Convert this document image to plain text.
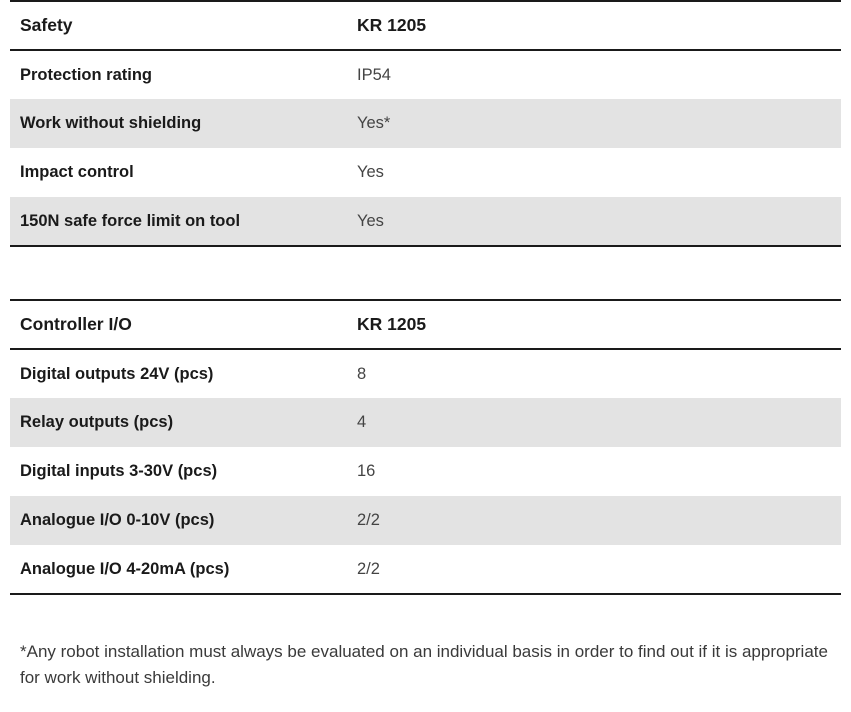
Safety	KR 1205
Protection rating	IP54
Work without shielding	Yes*
Impact control	Yes
150N safe force limit on tool	Yes
Controller I/O	KR 1205
Digital outputs 24V (pcs)	8
Relay outputs (pcs)	4
Digital inputs 3-30V (pcs)	16
Analogue I/O 0-10V (pcs)	2/2
Analogue I/O 4-20mA (pcs)	2/2
*Any robot installation must always be evaluated on an individual basis in order to find out if it is appropriate for work without shielding.
